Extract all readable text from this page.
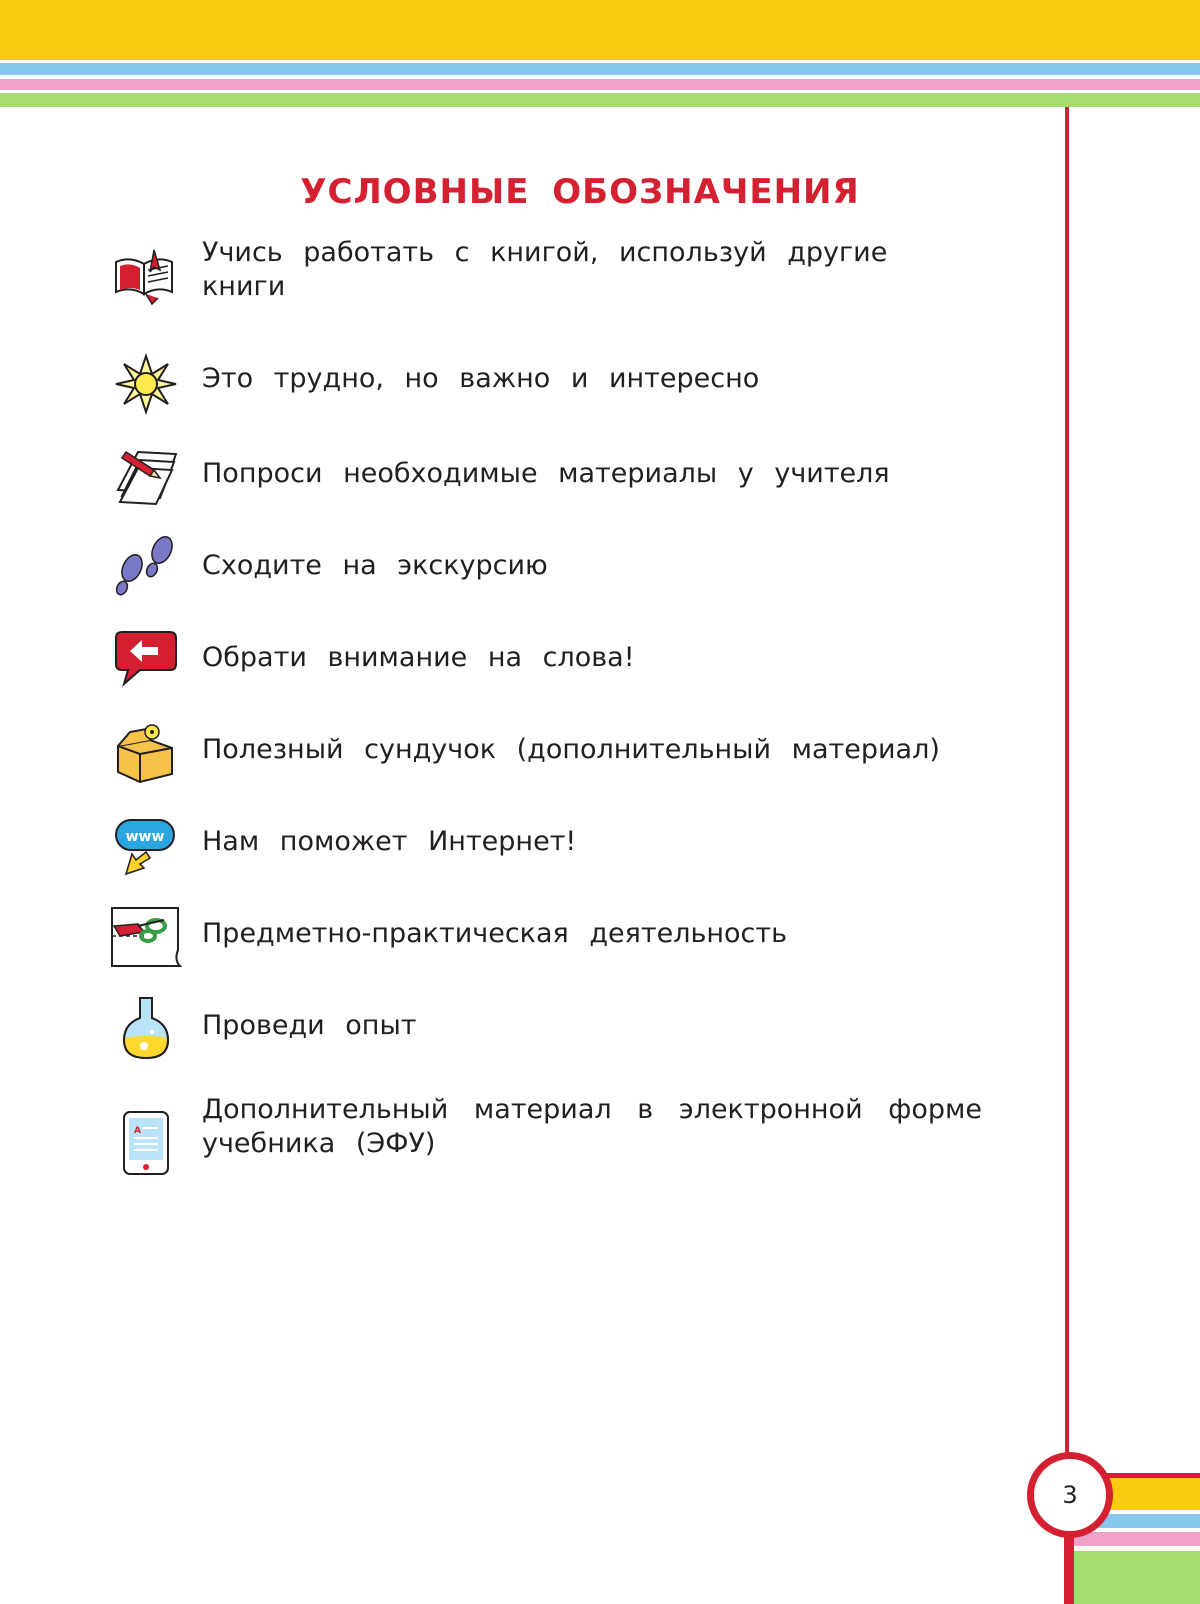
3
УСЛОВНЫЕ ОБОЗНАЧЕНИЯ
Учись работать с книгой, используй другие книги
Это трудно, но важно и интересно
Попроси необходимые материалы у учителя
Сходите на экскурсию
Обрати внимание на слова!
Полезный сундучок (дополнительный материал)
www Нам поможет Интернет!
Предметно-практическая деятельность
Проведи опыт
А
Дополнительный материал в электронной форме учебника (ЭФУ)
